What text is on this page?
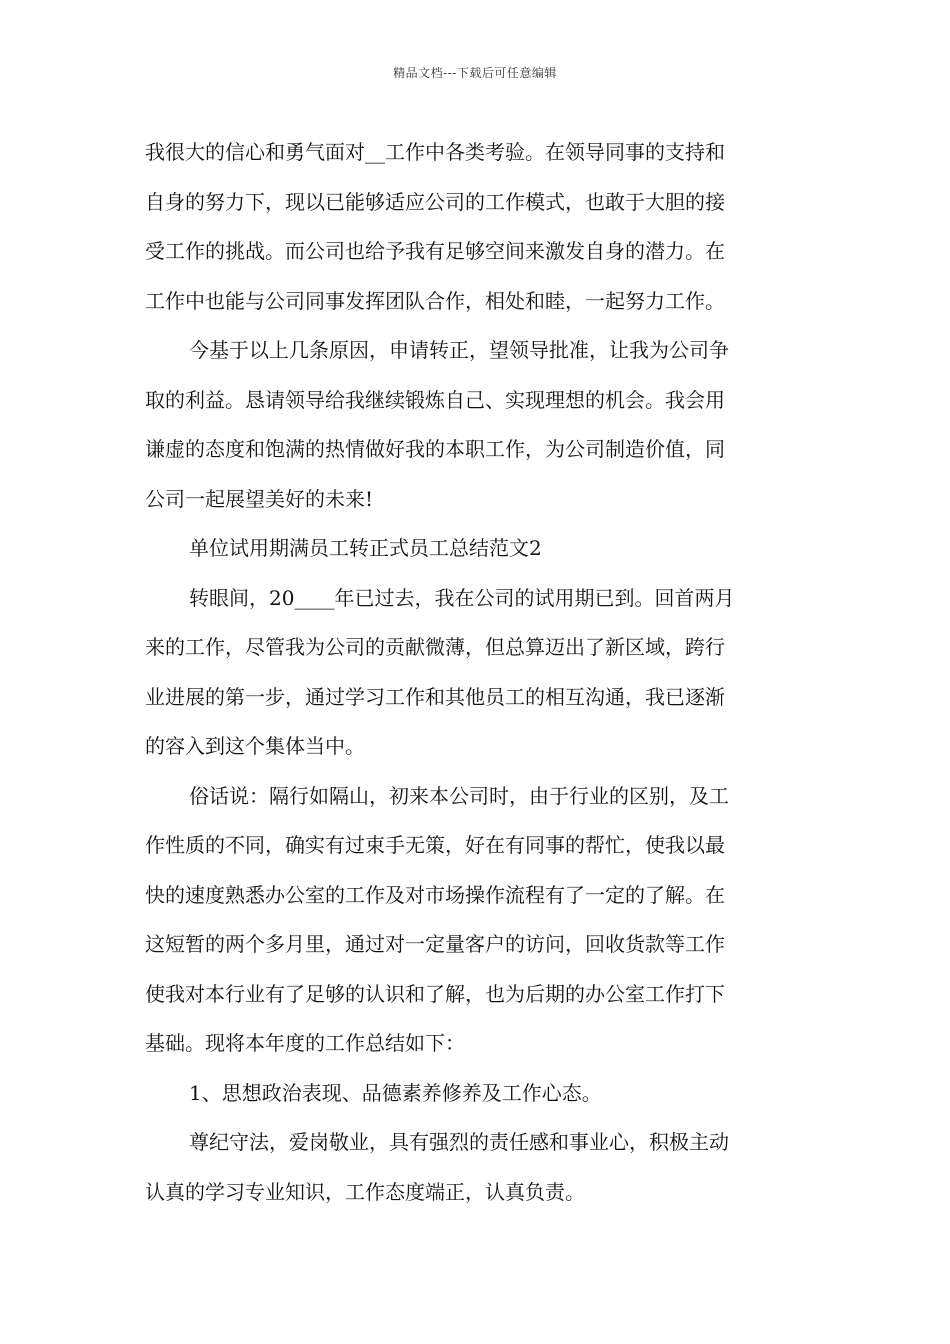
精品文档---下载后可任意编辑
我很大的信心和勇气面对__工作中各类考验。在领导同事的支持和
自身的努力下，现以已能够适应公司的工作模式，也敢于大胆的接
受工作的挑战。而公司也给予我有足够空间来激发自身的潜力。在
工作中也能与公司同事发挥团队合作，相处和睦，一起努力工作。
今基于以上几条原因，申请转正，望领导批准，让我为公司争
取的利益。恳请领导给我继续锻炼自己、实现理想的机会。我会用
谦虚的态度和饱满的热情做好我的本职工作，为公司制造价值，同
公司一起展望美好的未来!
单位试用期满员工转正式员工总结范文2
转眼间，20____年已过去，我在公司的试用期已到。回首两月
来的工作，尽管我为公司的贡献微薄，但总算迈出了新区域，跨行
业进展的第一步，通过学习工作和其他员工的相互沟通，我已逐渐
的容入到这个集体当中。
俗话说：隔行如隔山，初来本公司时，由于行业的区别，及工
作性质的不同，确实有过束手无策，好在有同事的帮忙，使我以最
快的速度熟悉办公室的工作及对市场操作流程有了一定的了解。在
这短暂的两个多月里，通过对一定量客户的访问，回收货款等工作
使我对本行业有了足够的认识和了解，也为后期的办公室工作打下
基础。现将本年度的工作总结如下：
1、思想政治表现、品德素养修养及工作心态。
尊纪守法，爱岗敬业，具有强烈的责任感和事业心，积极主动
认真的学习专业知识，工作态度端正，认真负责。
